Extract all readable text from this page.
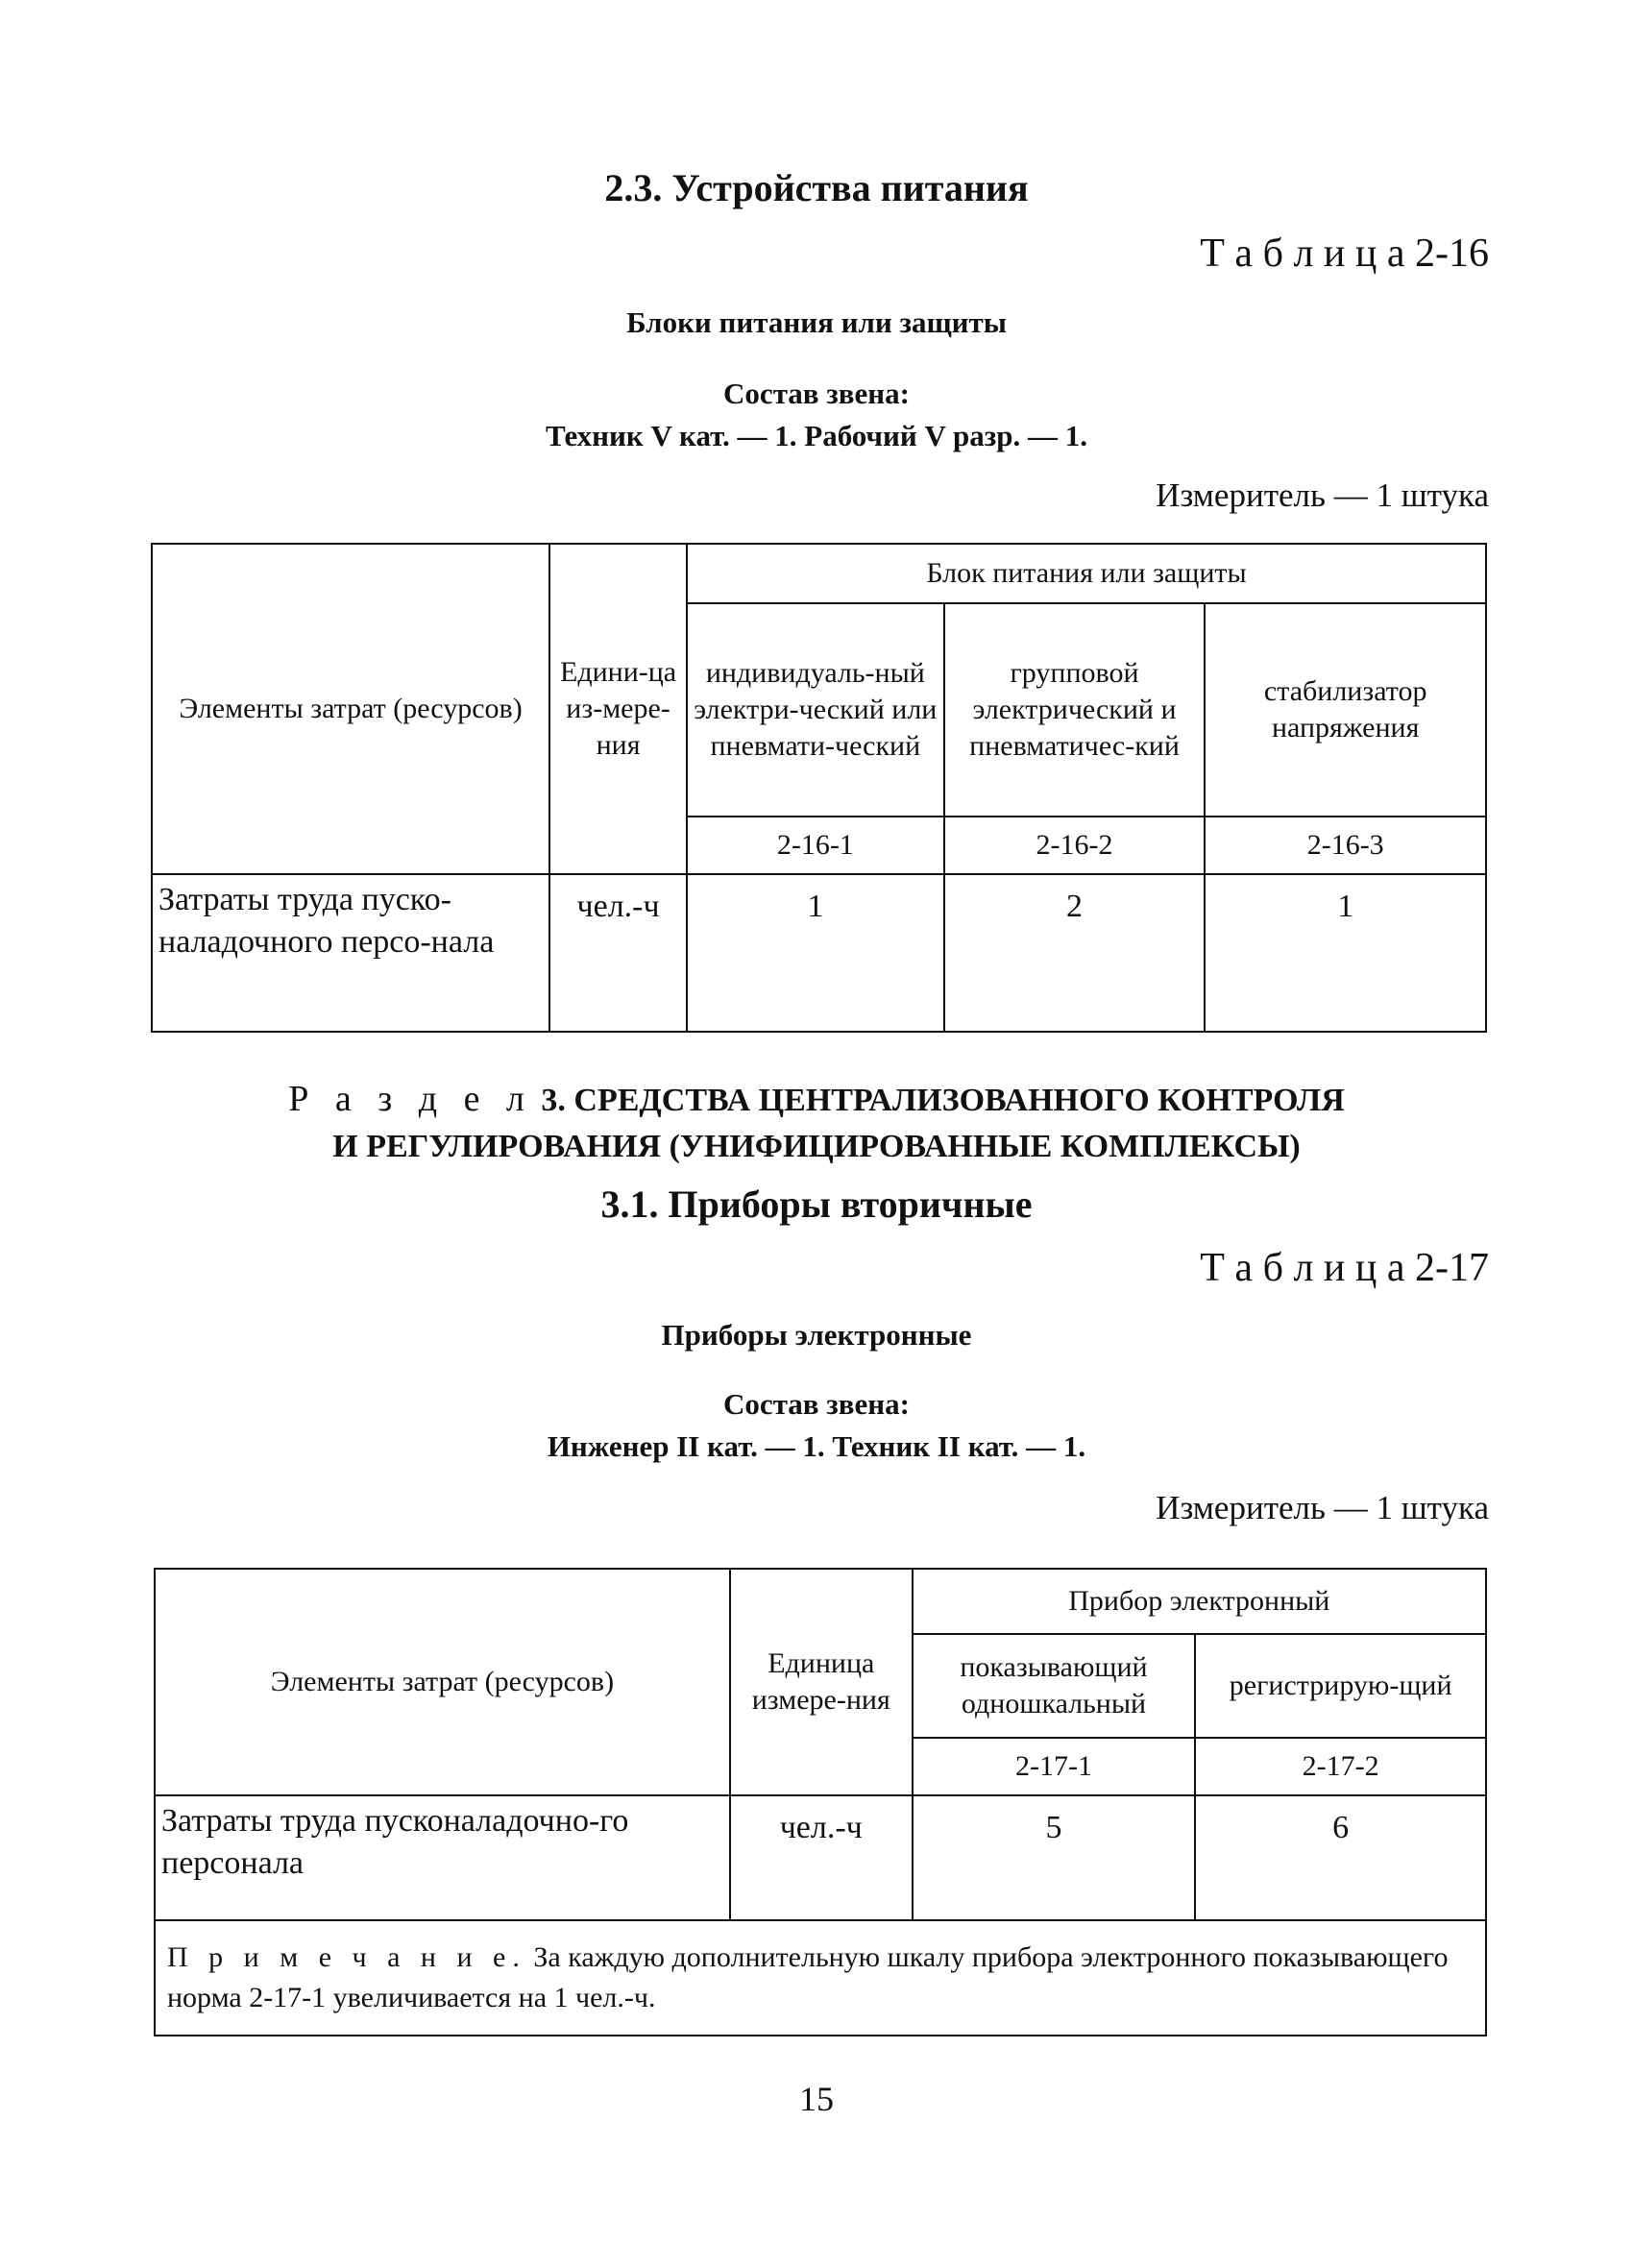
2.3. Устройства питания
Т а б л и ц а 2-16
Блоки питания или защиты
Состав звена:
Техник V кат. — 1. Рабочий V разр. — 1.
Измеритель — 1 штука
Элементы затрат (ресурсов)	Едини-ца из-мере-ния	Блок питания или защиты		
		индивидуаль-ный электри-ческий или пневмати-ческий	групповой электрический и пневматичес-кий	стабилизатор напряжения
		2-16-1	2-16-2	2-16-3
Затраты труда пуско-наладочного персо-нала	чел.-ч	1	2	1
Р а з д е л 3. СРЕДСТВА ЦЕНТРАЛИЗОВАННОГО КОНТРОЛЯ
И РЕГУЛИРОВАНИЯ (УНИФИЦИРОВАННЫЕ КОМПЛЕКСЫ)
3.1. Приборы вторичные
Т а б л и ц а 2-17
Приборы электронные
Состав звена:
Инженер II кат. — 1. Техник II кат. — 1.
Измеритель — 1 штука
Элементы затрат (ресурсов)	Единица измере-ния	Прибор электронный	
		показывающий одношкальный	регистрирую-щий
		2-17-1	2-17-2
Затраты труда пусконаладочно-го персонала	чел.-ч	5	6
П р и м е ч а н и е. За каждую дополнительную шкалу прибора электронного показывающего норма 2-17-1 увеличивается на 1 чел.-ч.			
15
